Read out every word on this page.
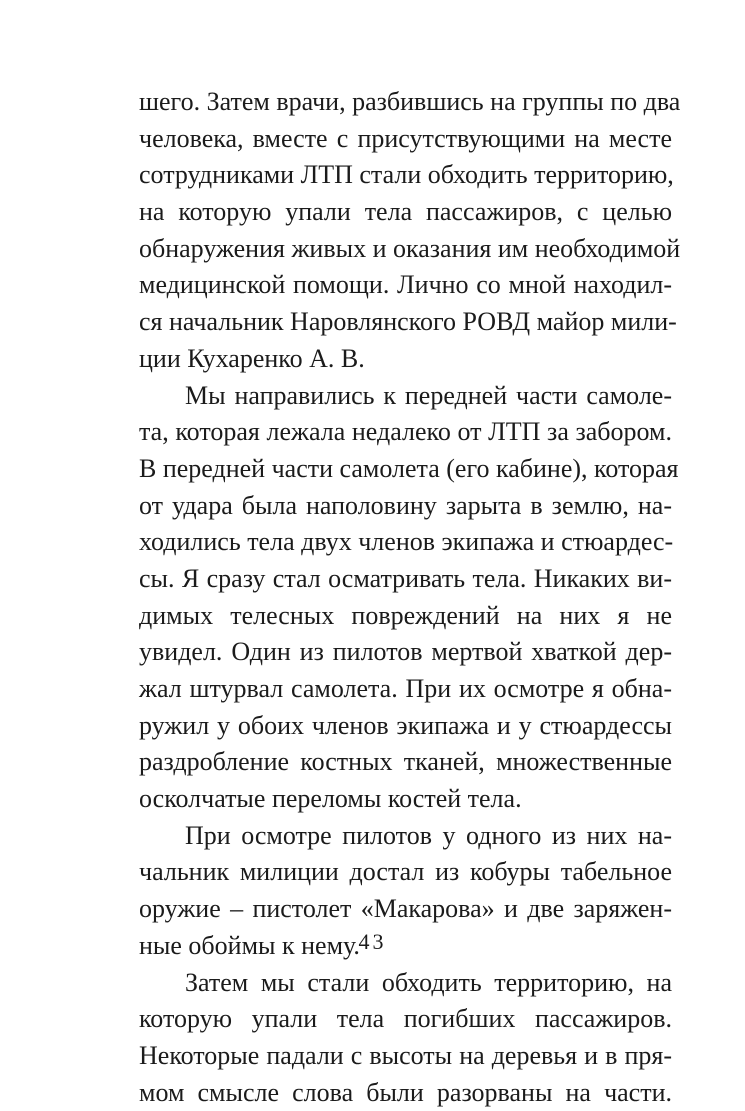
шего. Затем врачи, разбившись на группы по два
человека, вместе с присутствующими на месте
сотрудниками ЛТП стали обходить территорию,
на которую упали тела пассажиров, с целью
обнаружения живых и оказания им необходимой
медицинской помощи. Лично со мной находил-
ся начальник Наровлянского РОВД майор мили-
ции Кухаренко А. В.
Мы направились к передней части самоле-
та, которая лежала недалеко от ЛТП за забором.
В передней части самолета (его кабине), которая
от удара была наполовину зарыта в землю, на-
ходились тела двух членов экипажа и стюардес-
сы. Я сразу стал осматривать тела. Никаких ви-
димых телесных повреждений на них я не
увидел. Один из пилотов мертвой хваткой дер-
жал штурвал самолета. При их осмотре я обна-
ружил у обоих членов экипажа и у стюардессы
раздробление костных тканей, множественные
осколчатые переломы костей тела.
При осмотре пилотов у одного из них на-
чальник милиции достал из кобуры табельное
оружие – пистолет «Макарова» и две заряжен-
ные обоймы к нему.
Затем мы стали обходить территорию, на
которую упали тела погибших пассажиров.
Некоторые падали с высоты на деревья и в пря-
мом смысле слова были разорваны на части.
43
